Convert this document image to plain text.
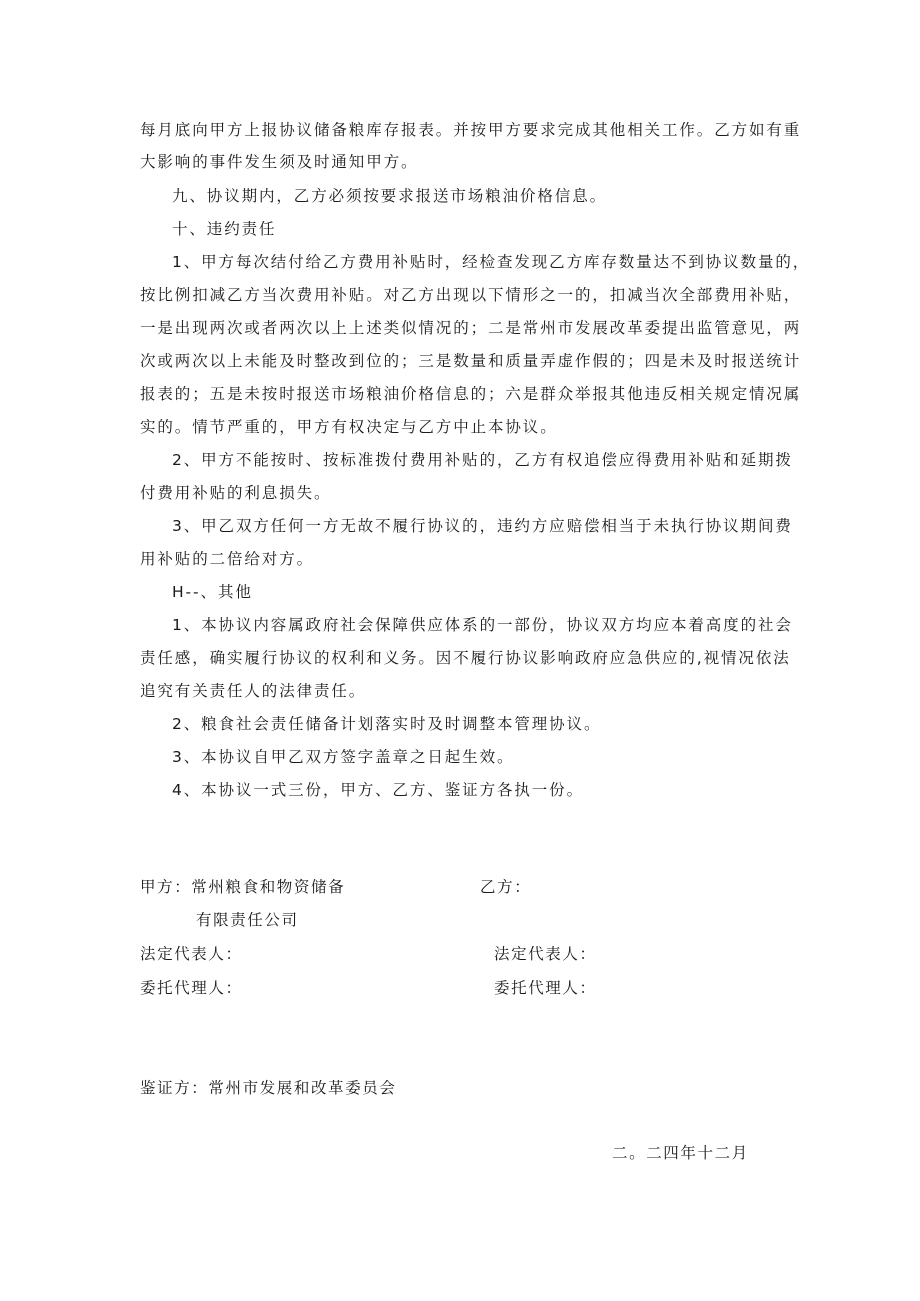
每月底向甲方上报协议储备粮库存报表。并按甲方要求完成其他相关工作。乙方如有重

大影响的事件发生须及时通知甲方。

九、协议期内，乙方必须按要求报送市场粮油价格信息。

十、违约责任

1、甲方每次结付给乙方费用补贴时，经检查发现乙方库存数量达不到协议数量的，

按比例扣减乙方当次费用补贴。对乙方出现以下情形之一的，扣减当次全部费用补贴，

一是出现两次或者两次以上上述类似情况的；二是常州市发展改革委提出监管意见，两

次或两次以上未能及时整改到位的；三是数量和质量弄虚作假的；四是未及时报送统计

报表的；五是未按时报送市场粮油价格信息的；六是群众举报其他违反相关规定情况属

实的。情节严重的，甲方有权决定与乙方中止本协议。

2、甲方不能按时、按标准拨付费用补贴的，乙方有权追偿应得费用补贴和延期拨

付费用补贴的利息损失。

3、甲乙双方任何一方无故不履行协议的，违约方应赔偿相当于未执行协议期间费

用补贴的二倍给对方。

H--、其他

1、本协议内容属政府社会保障供应体系的一部份，协议双方均应本着高度的社会

责任感，确实履行协议的权利和义务。因不履行协议影响政府应急供应的,视情况依法

追究有关责任人的法律责任。

2、粮食社会责任储备计划落实时及时调整本管理协议。

3、本协议自甲乙双方签字盖章之日起生效。

4、本协议一式三份，甲方、乙方、鉴证方各执一份。

甲方：常州粮食和物资储备	乙方：

有限责任公司

法定代表人：	法定代表人：

委托代理人：	委托代理人：

鉴证方：常州市发展和改革委员会

二。二四年十二月
